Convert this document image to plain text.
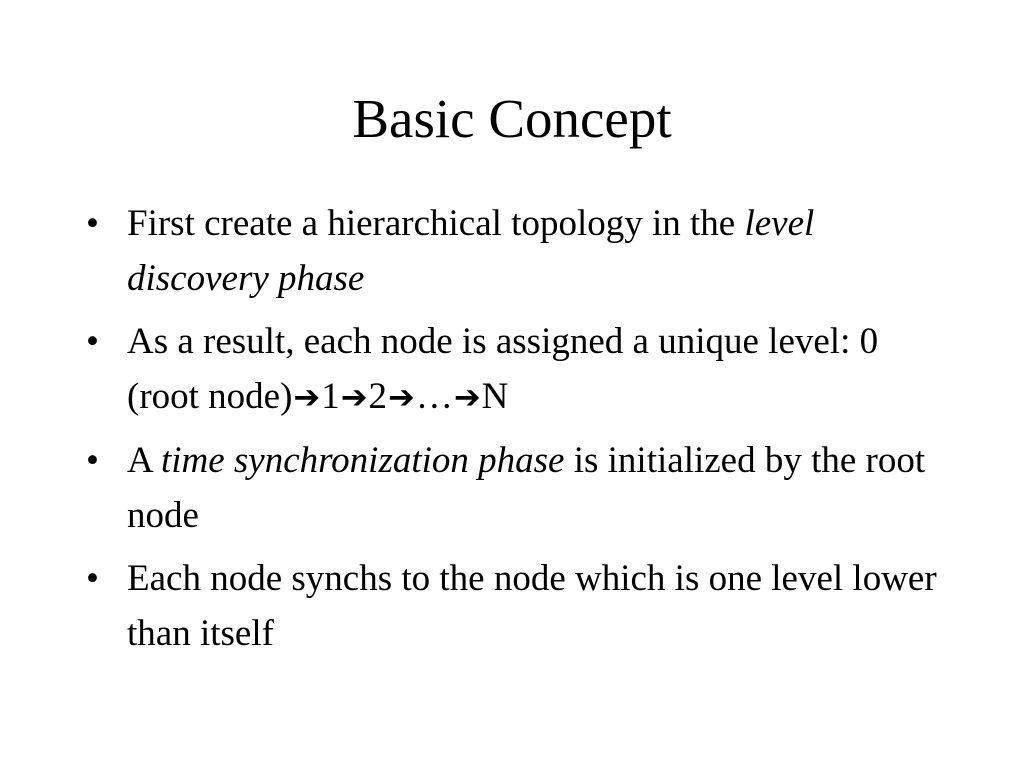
Basic Concept
• First create a hierarchical topology in the level discovery phase
• As a result, each node is assigned a unique level: 0 (root node)➔1➔2➔…➔N
• A time synchronization phase is initialized by the root node
• Each node synchs to the node which is one level lower than itself
